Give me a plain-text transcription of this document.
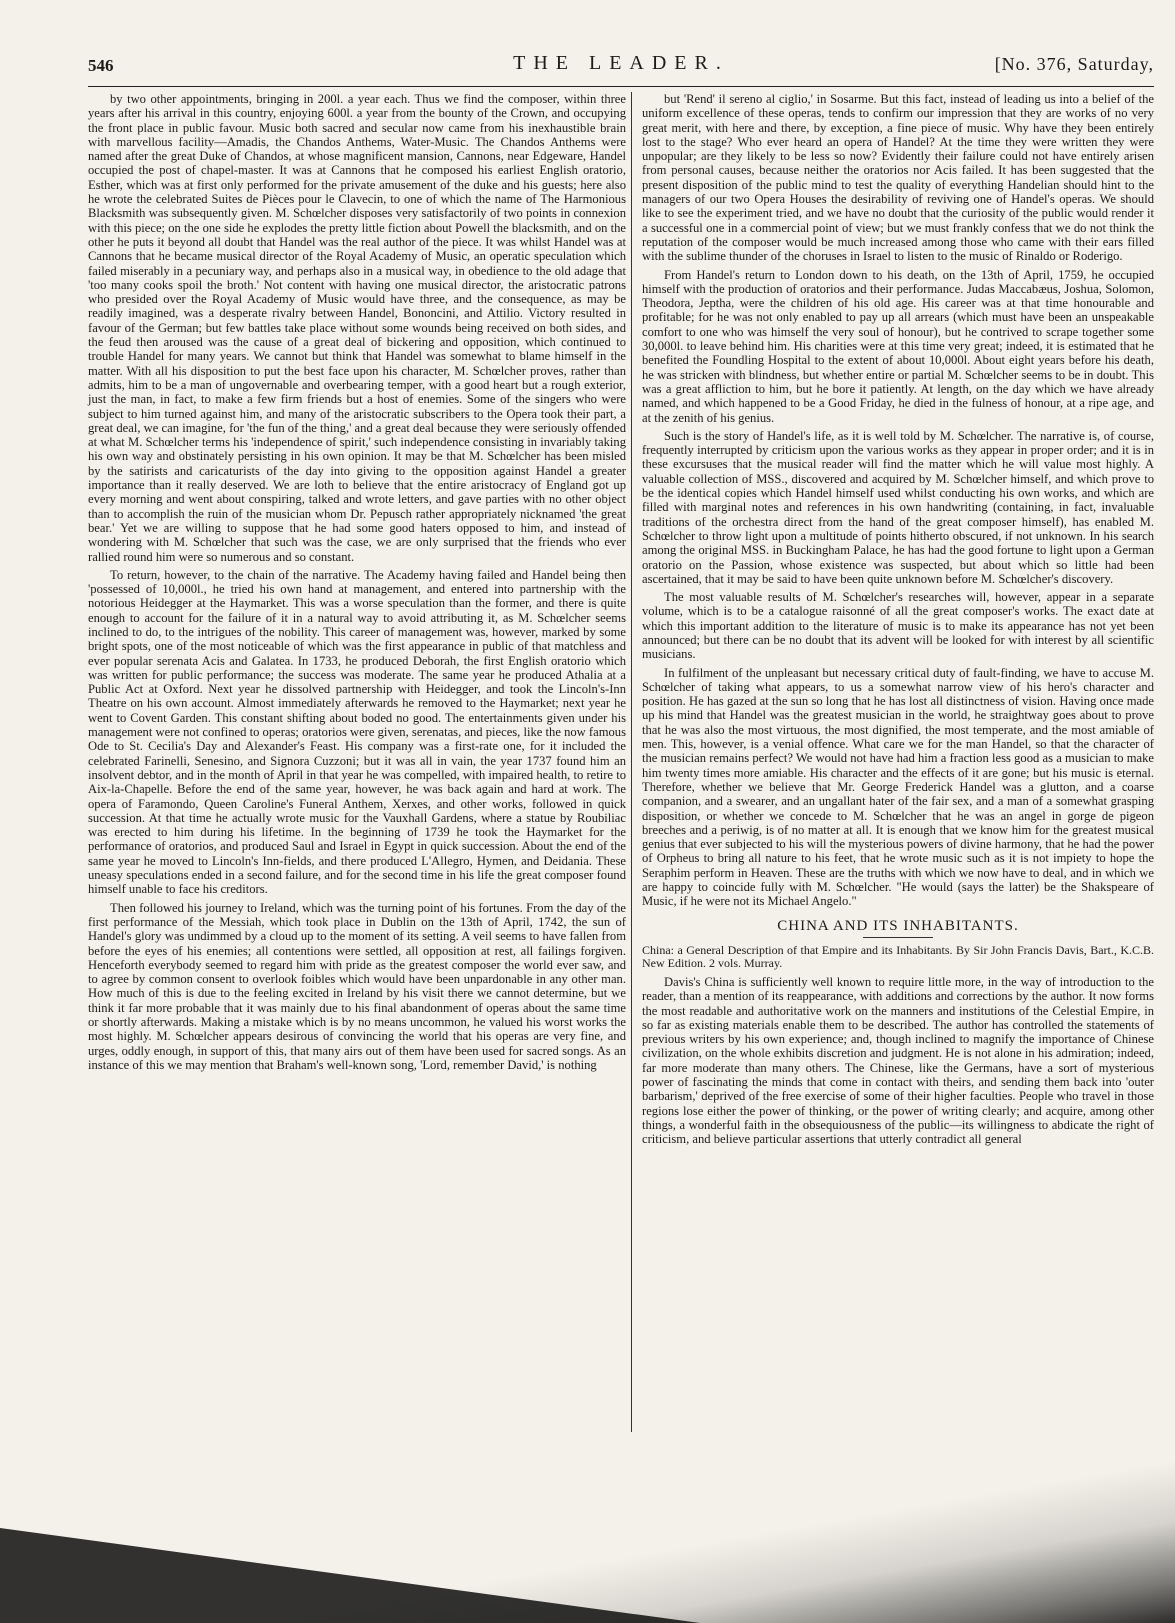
546	THE LEADER.	[No. 376, Saturday,

by two other appointments, bringing in 200l. a year each. Thus we find the composer, within three years after his arrival in this country, enjoying 600l. a year from the bounty of the Crown, and occupying the front place in public favour. Music both sacred and secular now came from his inexhaustible brain with marvellous facility—Amadis, the Chandos Anthems, Water-Music. The Chandos Anthems were named after the great Duke of Chandos, at whose magnificent mansion, Cannons, near Edgeware, Handel occupied the post of chapel-master. It was at Cannons that he composed his earliest English oratorio, Esther, which was at first only performed for the private amusement of the duke and his guests; here also he wrote the celebrated Suites de Pièces pour le Clavecin, to one of which the name of The Harmonious Blacksmith was subsequently given. M. Schœlcher disposes very satisfactorily of two points in connexion with this piece; on the one side he explodes the pretty little fiction about Powell the blacksmith, and on the other he puts it beyond all doubt that Handel was the real author of the piece. It was whilst Handel was at Cannons that he became musical director of the Royal Academy of Music, an operatic speculation which failed miserably in a pecuniary way, and perhaps also in a musical way, in obedience to the old adage that 'too many cooks spoil the broth.' Not content with having one musical director, the aristocratic patrons who presided over the Royal Academy of Music would have three, and the consequence, as may be readily imagined, was a desperate rivalry between Handel, Bononcini, and Attilio. Victory resulted in favour of the German; but few battles take place without some wounds being received on both sides, and the feud then aroused was the cause of a great deal of bickering and opposition, which continued to trouble Handel for many years. We cannot but think that Handel was somewhat to blame himself in the matter. With all his disposition to put the best face upon his character, M. Schœlcher proves, rather than admits, him to be a man of ungovernable and overbearing temper, with a good heart but a rough exterior, just the man, in fact, to make a few firm friends but a host of enemies. Some of the singers who were subject to him turned against him, and many of the aristocratic subscribers to the Opera took their part, a great deal, we can imagine, for 'the fun of the thing,' and a great deal because they were seriously offended at what M. Schœlcher terms his 'independence of spirit,' such independence consisting in invariably taking his own way and obstinately persisting in his own opinion. It may be that M. Schœlcher has been misled by the satirists and caricaturists of the day into giving to the opposition against Handel a greater importance than it really deserved. We are loth to believe that the entire aristocracy of England got up every morning and went about conspiring, talked and wrote letters, and gave parties with no other object than to accomplish the ruin of the musician whom Dr. Pepusch rather appropriately nicknamed 'the great bear.' Yet we are willing to suppose that he had some good haters opposed to him, and instead of wondering with M. Schœlcher that such was the case, we are only surprised that the friends who ever rallied round him were so numerous and so constant.

To return, however, to the chain of the narrative. The Academy having failed and Handel being then 'possessed of 10,000l., he tried his own hand at management, and entered into partnership with the notorious Heidegger at the Haymarket. This was a worse speculation than the former, and there is quite enough to account for the failure of it in a natural way to avoid attributing it, as M. Schœlcher seems inclined to do, to the intrigues of the nobility. This career of management was, however, marked by some bright spots, one of the most noticeable of which was the first appearance in public of that matchless and ever popular serenata Acis and Galatea. In 1733, he produced Deborah, the first English oratorio which was written for public performance; the success was moderate. The same year he produced Athalia at a Public Act at Oxford. Next year he dissolved partnership with Heidegger, and took the Lincoln's-Inn Theatre on his own account. Almost immediately afterwards he removed to the Haymarket; next year he went to Covent Garden. This constant shifting about boded no good. The entertainments given under his management were not confined to operas; oratorios were given, serenatas, and pieces, like the now famous Ode to St. Cecilia's Day and Alexander's Feast. His company was a first-rate one, for it included the celebrated Farinelli, Senesino, and Signora Cuzzoni; but it was all in vain, the year 1737 found him an insolvent debtor, and in the month of April in that year he was compelled, with impaired health, to retire to Aix-la-Chapelle. Before the end of the same year, however, he was back again and hard at work. The opera of Faramondo, Queen Caroline's Funeral Anthem, Xerxes, and other works, followed in quick succession. At that time he actually wrote music for the Vauxhall Gardens, where a statue by Roubiliac was erected to him during his lifetime. In the beginning of 1739 he took the Haymarket for the performance of oratorios, and produced Saul and Israel in Egypt in quick succession. About the end of the same year he moved to Lincoln's Inn-fields, and there produced L'Allegro, Hymen, and Deidania. These uneasy speculations ended in a second failure, and for the second time in his life the great composer found himself unable to face his creditors.

Then followed his journey to Ireland, which was the turning point of his fortunes. From the day of the first performance of the Messiah, which took place in Dublin on the 13th of April, 1742, the sun of Handel's glory was undimmed by a cloud up to the moment of its setting. A veil seems to have fallen from before the eyes of his enemies; all contentions were settled, all opposition at rest, all failings forgiven. Henceforth everybody seemed to regard him with pride as the greatest composer the world ever saw, and to agree by common consent to overlook foibles which would have been unpardonable in any other man. How much of this is due to the feeling excited in Ireland by his visit there we cannot determine, but we think it far more probable that it was mainly due to his final abandonment of operas about the same time or shortly afterwards. Making a mistake which is by no means uncommon, he valued his worst works the most highly. M. Schœlcher appears desirous of convincing the world that his operas are very fine, and urges, oddly enough, in support of this, that many airs out of them have been used for sacred songs. As an instance of this we may mention that Braham's well-known song, 'Lord, remember David,' is nothing

but 'Rend' il sereno al ciglio,' in Sosarme. But this fact, instead of leading us into a belief of the uniform excellence of these operas, tends to confirm our impression that they are works of no very great merit, with here and there, by exception, a fine piece of music. Why have they been entirely lost to the stage? Who ever heard an opera of Handel? At the time they were written they were unpopular; are they likely to be less so now? Evidently their failure could not have entirely arisen from personal causes, because neither the oratorios nor Acis failed. It has been suggested that the present disposition of the public mind to test the quality of everything Handelian should hint to the managers of our two Opera Houses the desirability of reviving one of Handel's operas. We should like to see the experiment tried, and we have no doubt that the curiosity of the public would render it a successful one in a commercial point of view; but we must frankly confess that we do not think the reputation of the composer would be much increased among those who came with their ears filled with the sublime thunder of the choruses in Israel to listen to the music of Rinaldo or Roderigo.

From Handel's return to London down to his death, on the 13th of April, 1759, he occupied himself with the production of oratorios and their performance. Judas Maccabæus, Joshua, Solomon, Theodora, Jeptha, were the children of his old age. His career was at that time honourable and profitable; for he was not only enabled to pay up all arrears (which must have been an unspeakable comfort to one who was himself the very soul of honour), but he contrived to scrape together some 30,000l. to leave behind him. His charities were at this time very great; indeed, it is estimated that he benefited the Foundling Hospital to the extent of about 10,000l. About eight years before his death, he was stricken with blindness, but whether entire or partial M. Schœlcher seems to be in doubt. This was a great affliction to him, but he bore it patiently. At length, on the day which we have already named, and which happened to be a Good Friday, he died in the fulness of honour, at a ripe age, and at the zenith of his genius.

Such is the story of Handel's life, as it is well told by M. Schœlcher. The narrative is, of course, frequently interrupted by criticism upon the various works as they appear in proper order; and it is in these excursuses that the musical reader will find the matter which he will value most highly. A valuable collection of MSS., discovered and acquired by M. Schœlcher himself, and which prove to be the identical copies which Handel himself used whilst conducting his own works, and which are filled with marginal notes and references in his own handwriting (containing, in fact, invaluable traditions of the orchestra direct from the hand of the great composer himself), has enabled M. Schœlcher to throw light upon a multitude of points hitherto obscured, if not unknown. In his search among the original MSS. in Buckingham Palace, he has had the good fortune to light upon a German oratorio on the Passion, whose existence was suspected, but about which so little had been ascertained, that it may be said to have been quite unknown before M. Schœlcher's discovery.

The most valuable results of M. Schœlcher's researches will, however, appear in a separate volume, which is to be a catalogue raisonné of all the great composer's works. The exact date at which this important addition to the literature of music is to make its appearance has not yet been announced; but there can be no doubt that its advent will be looked for with interest by all scientific musicians.

In fulfilment of the unpleasant but necessary critical duty of fault-finding, we have to accuse M. Schœlcher of taking what appears, to us a somewhat narrow view of his hero's character and position. He has gazed at the sun so long that he has lost all distinctness of vision. Having once made up his mind that Handel was the greatest musician in the world, he straightway goes about to prove that he was also the most virtuous, the most dignified, the most temperate, and the most amiable of men. This, however, is a venial offence. What care we for the man Handel, so that the character of the musician remains perfect? We would not have had him a fraction less good as a musician to make him twenty times more amiable. His character and the effects of it are gone; but his music is eternal. Therefore, whether we believe that Mr. George Frederick Handel was a glutton, and a coarse companion, and a swearer, and an ungallant hater of the fair sex, and a man of a somewhat grasping disposition, or whether we concede to M. Schœlcher that he was an angel in gorge de pigeon breeches and a periwig, is of no matter at all. It is enough that we know him for the greatest musical genius that ever subjected to his will the mysterious powers of divine harmony, that he had the power of Orpheus to bring all nature to his feet, that he wrote music such as it is not impiety to hope the Seraphim perform in Heaven. These are the truths with which we now have to deal, and in which we are happy to coincide fully with M. Schœlcher. "He would (says the latter) be the Shakspeare of Music, if he were not its Michael Angelo."

CHINA AND ITS INHABITANTS.

China: a General Description of that Empire and its Inhabitants. By Sir John Francis Davis, Bart., K.C.B. New Edition. 2 vols. Murray.

Davis's China is sufficiently well known to require little more, in the way of introduction to the reader, than a mention of its reappearance, with additions and corrections by the author. It now forms the most readable and authoritative work on the manners and institutions of the Celestial Empire, in so far as existing materials enable them to be described. The author has controlled the statements of previous writers by his own experience; and, though inclined to magnify the importance of Chinese civilization, on the whole exhibits discretion and judgment. He is not alone in his admiration; indeed, far more moderate than many others. The Chinese, like the Germans, have a sort of mysterious power of fascinating the minds that come in contact with theirs, and sending them back into 'outer barbarism,' deprived of the free exercise of some of their higher faculties. People who travel in those regions lose either the power of thinking, or the power of writing clearly; and acquire, among other things, a wonderful faith in the obsequiousness of the public—its willingness to abdicate the right of criticism, and believe particular assertions that utterly contradict all general
